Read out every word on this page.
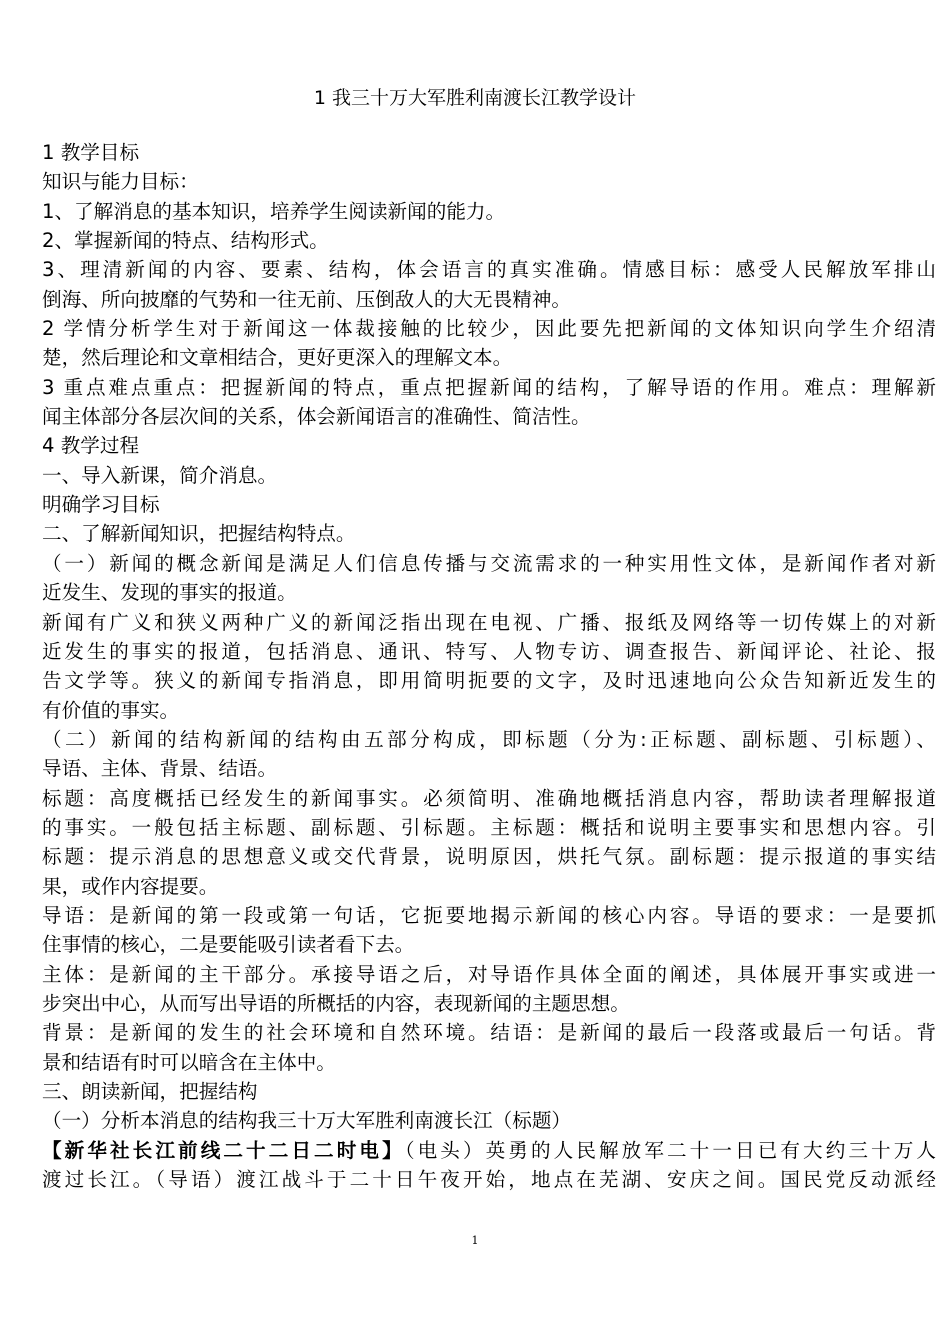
1 我三十万大军胜利南渡长江教学设计
1 教学目标
知识与能力目标：
1、了解消息的基本知识，培养学生阅读新闻的能力。
2、掌握新闻的特点、结构形式。
3、理清新闻的内容、要素、结构，体会语言的真实准确。情感目标：感受人民解放军排山
倒海、所向披靡的气势和一往无前、压倒敌人的大无畏精神。
2 学情分析学生对于新闻这一体裁接触的比较少，因此要先把新闻的文体知识向学生介绍清
楚，然后理论和文章相结合，更好更深入的理解文本。
3 重点难点重点：把握新闻的特点，重点把握新闻的结构，了解导语的作用。难点：理解新
闻主体部分各层次间的关系，体会新闻语言的准确性、简洁性。
4 教学过程
一、导入新课，简介消息。
明确学习目标
二、了解新闻知识，把握结构特点。
（一）新闻的概念新闻是满足人们信息传播与交流需求的一种实用性文体，是新闻作者对新
近发生、发现的事实的报道。
新闻有广义和狭义两种广义的新闻泛指出现在电视、广播、报纸及网络等一切传媒上的对新
近发生的事实的报道，包括消息、通讯、特写、人物专访、调查报告、新闻评论、社论、报
告文学等。狭义的新闻专指消息，即用简明扼要的文字，及时迅速地向公众告知新近发生的
有价值的事实。
（二）新闻的结构新闻的结构由五部分构成，即标题（分为:正标题、副标题、引标题）、
导语、主体、背景、结语。
标题：高度概括已经发生的新闻事实。必须简明、准确地概括消息内容，帮助读者理解报道
的事实。一般包括主标题、副标题、引标题。主标题：概括和说明主要事实和思想内容。引
标题：提示消息的思想意义或交代背景，说明原因，烘托气氛。副标题：提示报道的事实结
果，或作内容提要。
导语：是新闻的第一段或第一句话，它扼要地揭示新闻的核心内容。导语的要求：一是要抓
住事情的核心，二是要能吸引读者看下去。
主体：是新闻的主干部分。承接导语之后，对导语作具体全面的阐述，具体展开事实或进一
步突出中心，从而写出导语的所概括的内容，表现新闻的主题思想。
背景：是新闻的发生的社会环境和自然环境。结语：是新闻的最后一段落或最后一句话。背
景和结语有时可以暗含在主体中。
三、朗读新闻，把握结构
（一）分析本消息的结构我三十万大军胜利南渡长江（标题）
【新华社长江前线二十二日二时电】（电头）英勇的人民解放军二十一日已有大约三十万人
渡过长江。（导语）渡江战斗于二十日午夜开始，地点在芜湖、安庆之间。国民党反动派经
1
